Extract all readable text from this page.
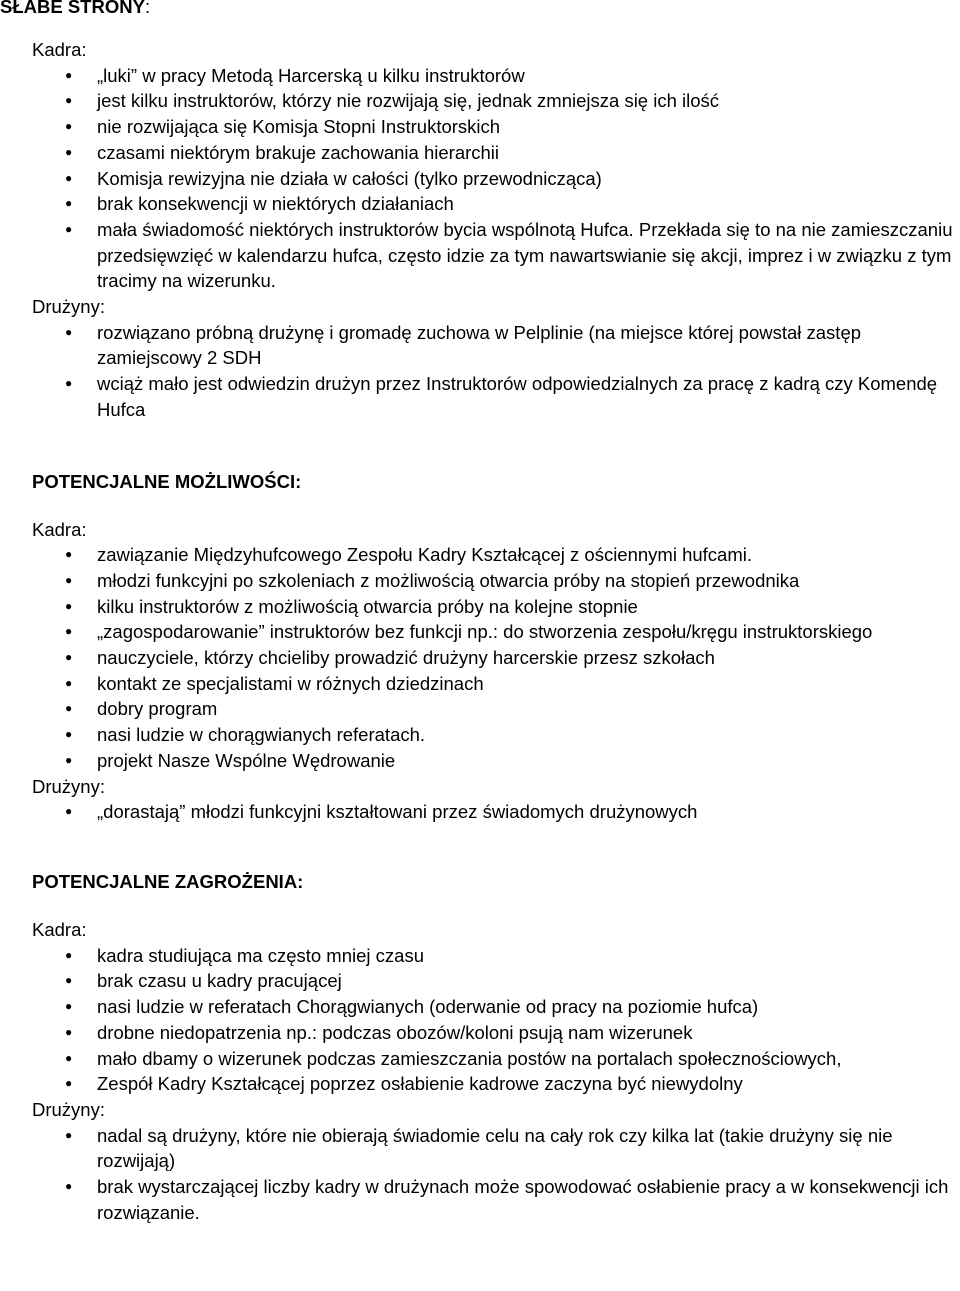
SŁABE STRONY:
Kadra:
● „luki” w pracy Metodą Harcerską u kilku instruktorów
● jest kilku instruktorów, którzy nie rozwijają się, jednak zmniejsza się ich ilość
● nie rozwijająca się Komisja Stopni Instruktorskich
● czasami niektórym brakuje zachowania hierarchii
● Komisja rewizyjna nie działa w całości (tylko przewodnicząca)
● brak konsekwencji w niektórych działaniach
● mała świadomość niektórych instruktorów bycia wspólnotą Hufca. Przekłada się to na nie zamieszczaniu przedsięwzięć w kalendarzu hufca, często idzie za tym nawartswianie się akcji, imprez i w związku z tym tracimy na wizerunku.
Drużyny:
● rozwiązano próbną drużynę i gromadę zuchowa w Pelplinie (na miejsce której powstał zastęp zamiejscowy 2 SDH
● wciąż mało jest odwiedzin drużyn przez Instruktorów odpowiedzialnych za pracę z kadrą czy Komendę Hufca
POTENCJALNE MOŻLIWOŚCI:
Kadra:
● zawiązanie Międzyhufcowego Zespołu Kadry Kształcącej z ościennymi hufcami.
● młodzi funkcyjni po szkoleniach z możliwością otwarcia próby na stopień przewodnika
● kilku instruktorów z możliwością otwarcia próby na kolejne stopnie
● „zagospodarowanie” instruktorów bez funkcji np.: do stworzenia zespołu/kręgu instruktorskiego
● nauczyciele, którzy chcieliby prowadzić drużyny harcerskie przesz szkołach
● kontakt ze specjalistami w różnych dziedzinach
● dobry program
● nasi ludzie w chorągwianych referatach.
● projekt Nasze Wspólne Wędrowanie
Drużyny:
● „dorastają” młodzi funkcyjni kształtowani przez świadomych drużynowych
POTENCJALNE ZAGROŻENIA:
Kadra:
● kadra studiująca ma często mniej czasu
● brak czasu u kadry pracującej
● nasi ludzie w referatach Chorągwianych (oderwanie od pracy na poziomie hufca)
● drobne niedopatrzenia np.: podczas obozów/koloni psują nam wizerunek
● mało dbamy o wizerunek podczas zamieszczania postów na portalach społecznościowych,
● Zespół Kadry Kształcącej poprzez osłabienie kadrowe zaczyna być niewydolny
Drużyny:
● nadal są drużyny, które nie obierają świadomie celu na cały rok czy kilka lat (takie drużyny się nie rozwijają)
● brak wystarczającej liczby kadry w drużynach może spowodować osłabienie pracy a w konsekwencji ich rozwiązanie.
